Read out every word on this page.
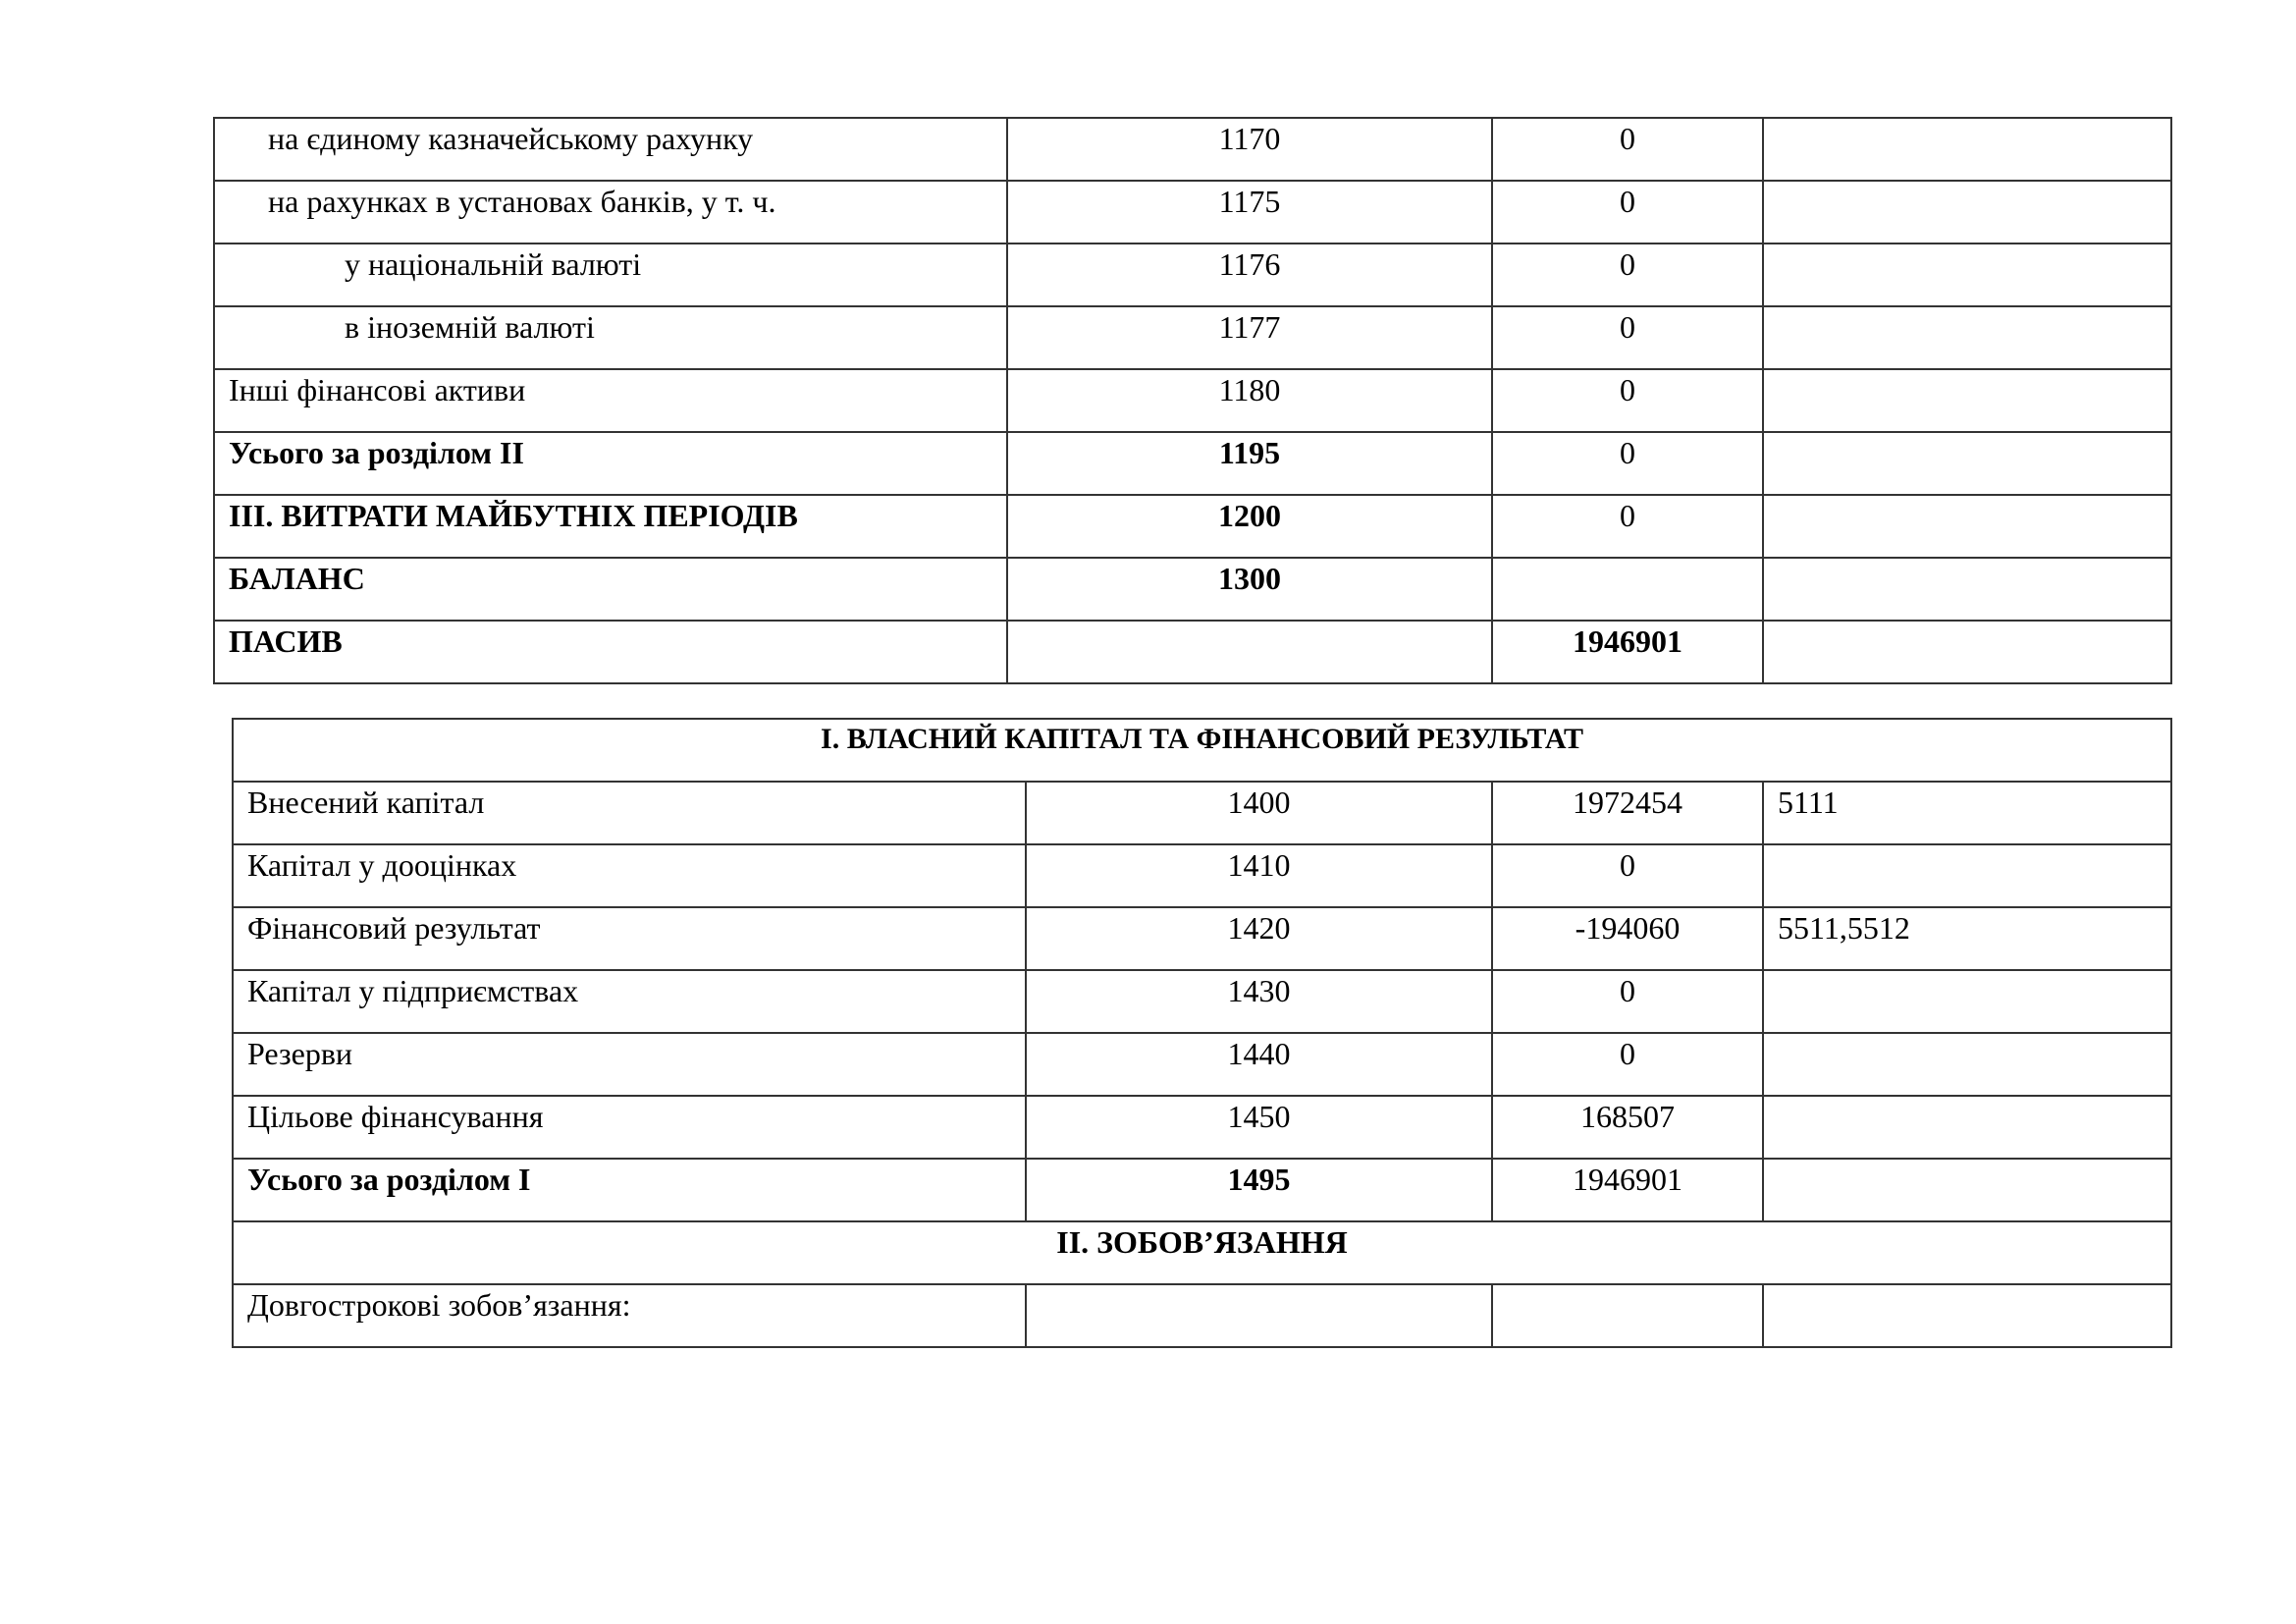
на єдиному казначейському рахунку	1170	0	
на рахунках в установах банків, у т. ч.	1175	0	
у національній валюті	1176	0	
в іноземній валюті	1177	0	
Інші фінансові активи	1180	0	
Усього за розділом II	1195	0	
III. ВИТРАТИ МАЙБУТНІХ ПЕРІОДІВ	1200	0	
БАЛАНС	1300		
ПАСИВ		1946901	
I. ВЛАСНИЙ КАПІТАЛ ТА ФІНАНСОВИЙ РЕЗУЛЬТАТ			
Внесений капітал	1400	1972454	5111
Капітал у дооцінках	1410	0	
Фінансовий результат	1420	-194060	5511,5512
Капітал у підприємствах	1430	0	
Резерви	1440	0	
Цільове фінансування	1450	168507	
Усього за розділом I	1495	1946901	
II. ЗОБОВ’ЯЗАННЯ			
Довгострокові зобов’язання:			
